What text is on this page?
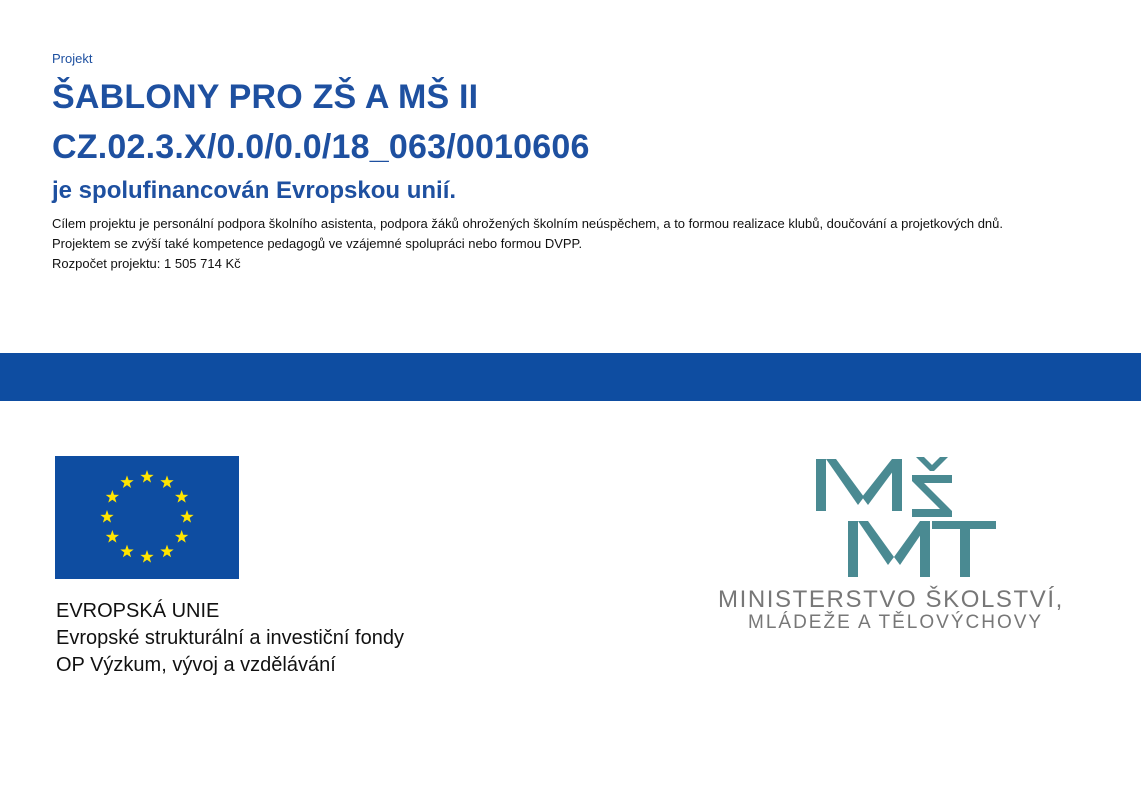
Projekt

ŠABLONY PRO ZŠ A MŠ II

CZ.02.3.X/0.0/0.0/18_063/0010606

je spolufinancován Evropskou unií.

Cílem projektu je personální podpora školního asistenta, podpora žáků ohrožených školním neúspěchem, a to formou realizace klubů, doučování a projetkových dnů. Projektem se zvýší také kompetence pedagogů ve vzájemné spolupráci nebo formou DVPP.

Rozpočet projektu: 1 505 714 Kč

EVROPSKÁ UNIE

Evropské strukturální a investiční fondy

OP Výzkum, vývoj a vzdělávání

MINISTERSTVO ŠKOLSTVÍ,

MLÁDEŽE A TĚLOVÝCHOVY
